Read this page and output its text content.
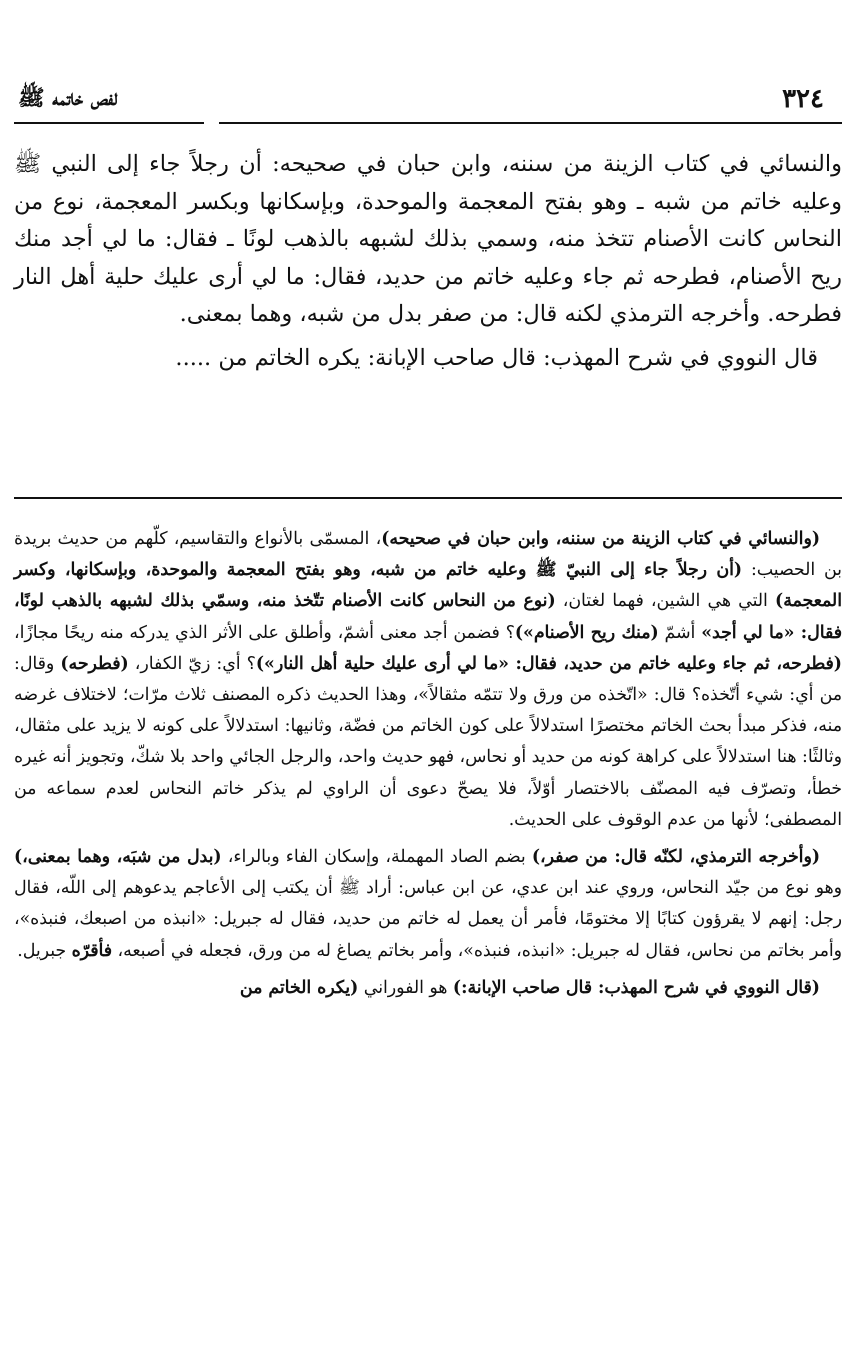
٣٢٤
لفص خاتمه ﷺ

والنسائي في كتاب الزينة من سننه، وابن حبان في صحيحه: أن رجلاً جاء إلى النبي ﷺ وعليه خاتم من شبه ـ وهو بفتح المعجمة والموحدة، وبإسكانها وبكسر المعجمة، نوع من النحاس كانت الأصنام تتخذ منه، وسمي بذلك لشبهه بالذهب لونًا ـ فقال: ما لي أجد منك ريح الأصنام، فطرحه ثم جاء وعليه خاتم من حديد، فقال: ما لي أرى عليك حلية أهل النار فطرحه. وأخرجه الترمذي لكنه قال: من صفر بدل من شبه، وهما بمعنى.

قال النووي في شرح المهذب: قال صاحب الإبانة: يكره الخاتم من .....

(والنسائي في كتاب الزينة من سننه، وابن حبان في صحيحه)، المسمّى بالأنواع والتقاسيم، كلّهم من حديث بريدة بن الحصيب: (أن رجلاً جاء إلى النبيّ ﷺ وعليه خاتم من شبه، وهو بفتح المعجمة والموحدة، وبإسكانها، وكسر المعجمة) التي هي الشين، فهما لغتان، (نوع من النحاس كانت الأصنام تتّخذ منه، وسمّي بذلك لشبهه بالذهب لونًا، فقال: «ما لي أجد» أشمّ (منك ريح الأصنام»)؟ فضمن أجد معنى أشمّ، وأطلق على الأثر الذي يدركه منه ريحًا مجازًا، (فطرحه، ثم جاء وعليه خاتم من حديد، فقال: «ما لي أرى عليك حلية أهل النار»)؟ أي: زيّ الكفار، (فطرحه) وقال: من أي: شيء أتّخذه؟ قال: «اتّخذه من ورق ولا تتمّه مثقالاً»، وهذا الحديث ذكره المصنف ثلاث مرّات؛ لاختلاف غرضه منه، فذكر مبدأ بحث الخاتم مختصرًا استدلالاً على كون الخاتم من فضّة، وثانيها: استدلالاً على كونه لا يزيد على مثقال، وثالثًا: هنا استدلالاً على كراهة كونه من حديد أو نحاس، فهو حديث واحد، والرجل الجائي واحد بلا شكّ، وتجويز أنه غيره خطأ، وتصرّف فيه المصنّف بالاختصار أوّلاً، فلا يصحّ دعوى أن الراوي لم يذكر خاتم النحاس لعدم سماعه من المصطفى؛ لأنها من عدم الوقوف على الحديث.

(وأخرجه الترمذي، لكنّه قال: من صفر،) بضم الصاد المهملة، وإسكان الفاء وبالراء، (بدل من شبَه، وهما بمعنى،) وهو نوع من جيّد النحاس، وروي عند ابن عدي، عن ابن عباس: أراد ﷺ أن يكتب إلى الأعاجم يدعوهم إلى اللّه، فقال رجل: إنهم لا يقرؤون كتابًا إلا مختومًا، فأمر أن يعمل له خاتم من حديد، فقال له جبريل: «انبذه من اصبعك، فنبذه»، وأمر بخاتم من نحاس، فقال له جبريل: «انبذه، فنبذه»، وأمر بخاتم يصاغ له من ورق، فجعله في أصبعه، فأقرّه جبريل.

(قال النووي في شرح المهذب: قال صاحب الإبانة:) هو الفوراني (يكره الخاتم من
